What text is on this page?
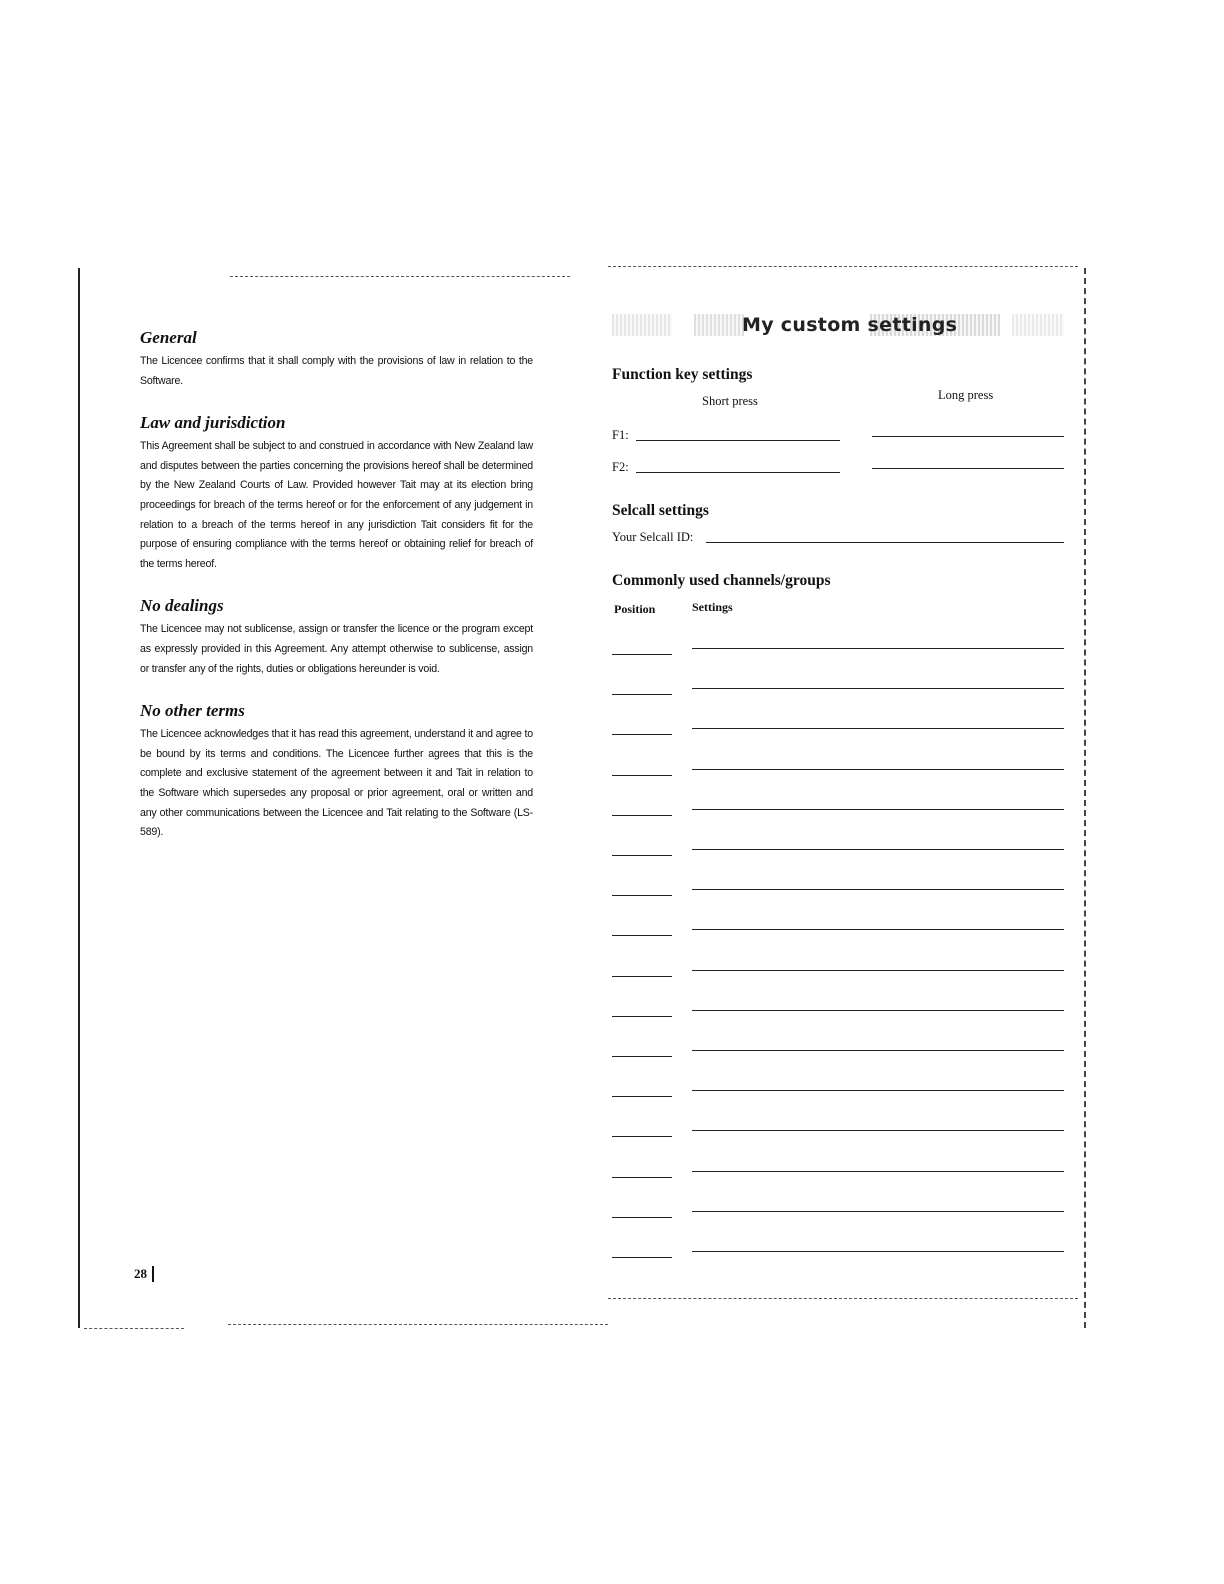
General

The Licencee confirms that it shall comply with the provisions of law in relation to the Software.

Law and jurisdiction

This Agreement shall be subject to and construed in accordance with New Zealand law and disputes between the parties concerning the provisions hereof shall be determined by the New Zealand Courts of Law. Provided however Tait may at its election bring proceedings for breach of the terms hereof or for the enforcement of any judgement in relation to a breach of the terms hereof in any jurisdiction Tait considers fit for the purpose of ensuring compliance with the terms hereof or obtaining relief for breach of the terms hereof.

No dealings

The Licencee may not sublicense, assign or transfer the licence or the program except as expressly provided in this Agreement. Any attempt otherwise to sublicense, assign or transfer any of the rights, duties or obligations hereunder is void.

No other terms

The Licencee acknowledges that it has read this agreement, understand it and agree to be bound by its terms and conditions. The Licencee further agrees that this is the complete and exclusive statement of the agreement between it and Tait in relation to the Software which supersedes any proposal or prior agreement, oral or written and any other communications between the Licencee and Tait relating to the Software (LS-589).

28
My custom settings
Function key settings
Short press	Long press
F1:
F2:
Selcall settings
Your Selcall ID:
Commonly used channels/groups
Position	Settings
